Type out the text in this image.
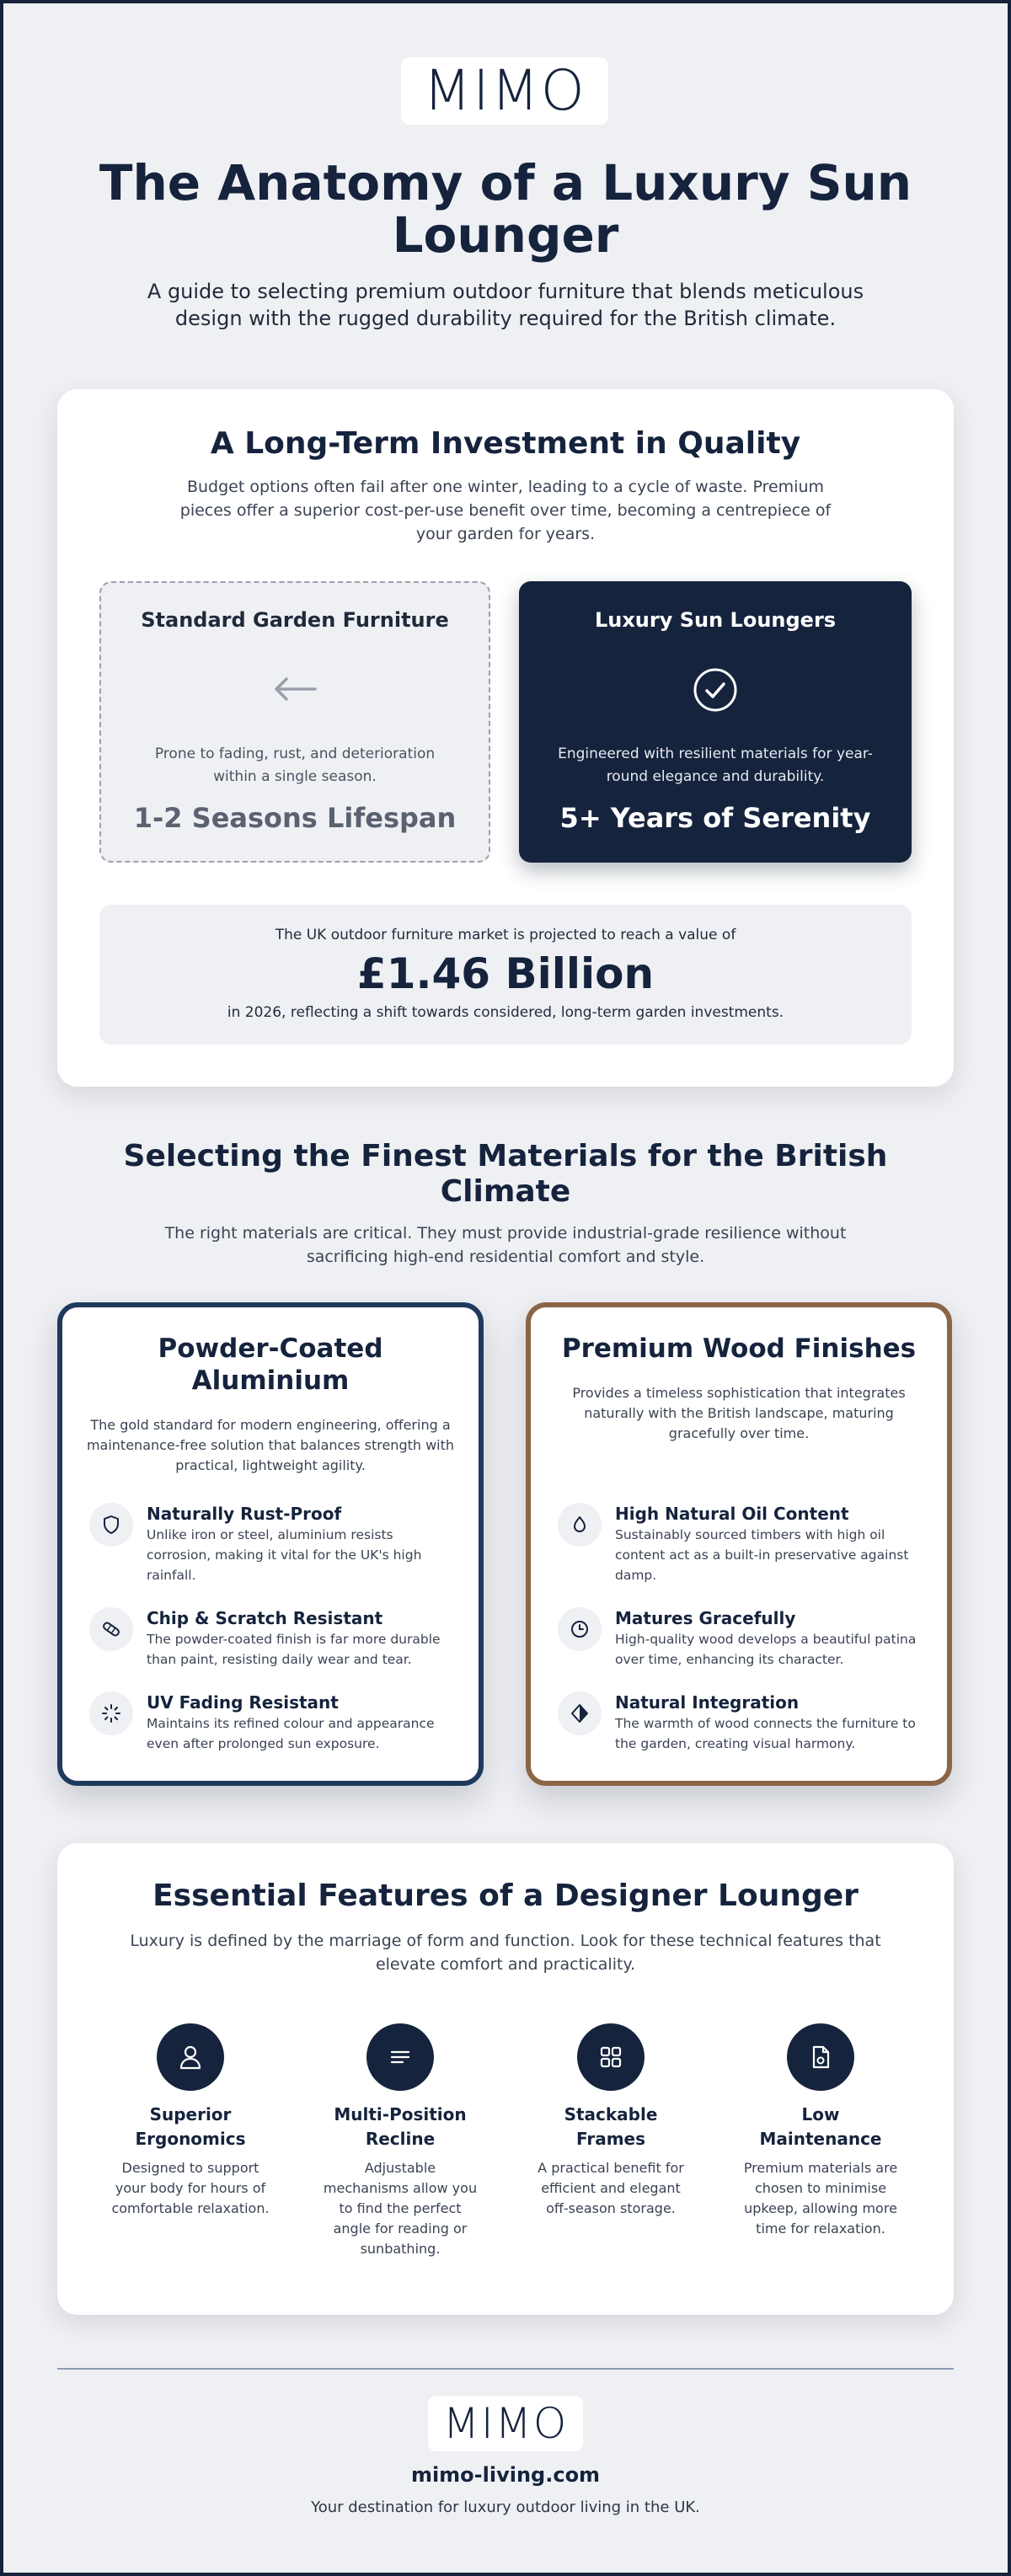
MIMO
The Anatomy of a Luxury Sun Lounger
A guide to selecting premium outdoor furniture that blends meticulous design with the rugged durability required for the British climate.
A Long-Term Investment in Quality
Budget options often fail after one winter, leading to a cycle of waste. Premium pieces offer a superior cost-per-use benefit over time, becoming a centrepiece of your garden for years.
Standard Garden Furniture
Prone to fading, rust, and deterioration within a single season.
1-2 Seasons Lifespan
Luxury Sun Loungers
Engineered with resilient materials for year-round elegance and durability.
5+ Years of Serenity
The UK outdoor furniture market is projected to reach a value of
£1.46 Billion
in 2026, reflecting a shift towards considered, long-term garden investments.
Selecting the Finest Materials for the British Climate
The right materials are critical. They must provide industrial-grade resilience without sacrificing high-end residential comfort and style.
Powder-Coated Aluminium
The gold standard for modern engineering, offering a maintenance-free solution that balances strength with practical, lightweight agility.
Naturally Rust-Proof
Unlike iron or steel, aluminium resists corrosion, making it vital for the UK's high rainfall.
Chip & Scratch Resistant
The powder-coated finish is far more durable than paint, resisting daily wear and tear.
UV Fading Resistant
Maintains its refined colour and appearance even after prolonged sun exposure.
Premium Wood Finishes
Provides a timeless sophistication that integrates naturally with the British landscape, maturing gracefully over time.
High Natural Oil Content
Sustainably sourced timbers with high oil content act as a built-in preservative against damp.
Matures Gracefully
High-quality wood develops a beautiful patina over time, enhancing its character.
Natural Integration
The warmth of wood connects the furniture to the garden, creating visual harmony.
Essential Features of a Designer Lounger
Luxury is defined by the marriage of form and function. Look for these technical features that elevate comfort and practicality.
Superior Ergonomics
Designed to support your body for hours of comfortable relaxation.
Multi-Position Recline
Adjustable mechanisms allow you to find the perfect angle for reading or sunbathing.
Stackable Frames
A practical benefit for efficient and elegant off-season storage.
Low Maintenance
Premium materials are chosen to minimise upkeep, allowing more time for relaxation.
MIMO
mimo-living.com
Your destination for luxury outdoor living in the UK.
